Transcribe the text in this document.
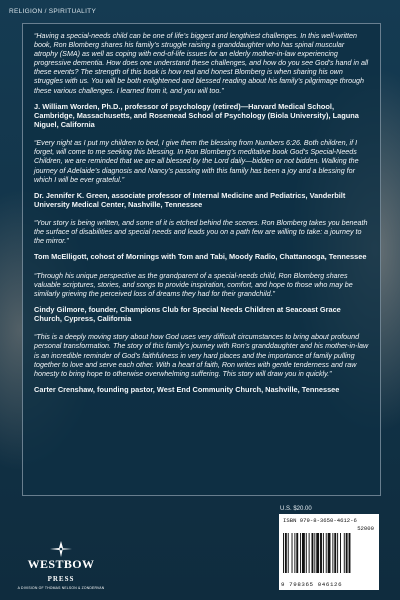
RELIGION / SPIRITUALITY

“Having a special-needs child can be one of life’s biggest and lengthiest challenges. In this well-written book, Ron Blomberg shares his family’s struggle raising a granddaughter who has spinal muscular atrophy (SMA) as well as coping with end-of-life issues for an elderly mother-in-law experiencing progressive dementia. How does one understand these challenges, and how do you see God’s hand in all these events? The strength of this book is how real and honest Blomberg is when sharing his own struggles with us. You will be both enlightened and blessed reading about his family’s pilgrimage through these various challenges. I learned from it, and you will too.”

J. William Worden, Ph.D., professor of psychology (retired)—Harvard Medical School, Cambridge, Massachusetts, and Rosemead School of Psychology (Biola University), Laguna Niguel, California

“Every night as I put my children to bed, I give them the blessing from Numbers 6:26. Both children, if I forget, will come to me seeking this blessing. In Ron Blomberg’s meditative book God’s Special-Needs Children, we are reminded that we are all blessed by the Lord daily—bidden or not bidden. Walking the journey of Adelaide’s diagnosis and Nancy’s passing with this family has been a joy and a blessing for which I will be ever grateful.”

Dr. Jennifer K. Green, associate professor of Internal Medicine and Pediatrics, Vanderbilt University Medical Center, Nashville, Tennessee

“Your story is being written, and some of it is etched behind the scenes. Ron Blomberg takes you beneath the surface of disabilities and special needs and leads you on a path few are willing to take: a journey to the mirror.”

Tom McElligott, cohost of Mornings with Tom and Tabi, Moody Radio, Chattanooga, Tennessee

“Through his unique perspective as the grandparent of a special-needs child, Ron Blomberg shares valuable scriptures, stories, and songs to provide inspiration, comfort, and hope to those who may be similarly grieving the perceived loss of dreams they had for their grandchild.”

Cindy Gilmore, founder, Champions Club for Special Needs Children at Seacoast Grace Church, Cypress, California

“This is a deeply moving story about how God uses very difficult circumstances to bring about profound personal transformation. The story of this family’s journey with Ron’s granddaughter and his mother-in-law is an incredible reminder of God’s faithfulness in very hard places and the importance of family pulling together to love and serve each other. With a heart of faith, Ron writes with gentle tenderness and raw honesty to bring hope to otherwise overwhelming suffering. This story will draw you in quickly.”

Carter Crenshaw, founding pastor, West End Community Church, Nashville, Tennessee

U.S. $20.00
ISBN 979-8-3650-4612-6
52000
9 798365 046126
WESTBOW
PRESS
A DIVISION OF THOMAS NELSON & ZONDERVAN
